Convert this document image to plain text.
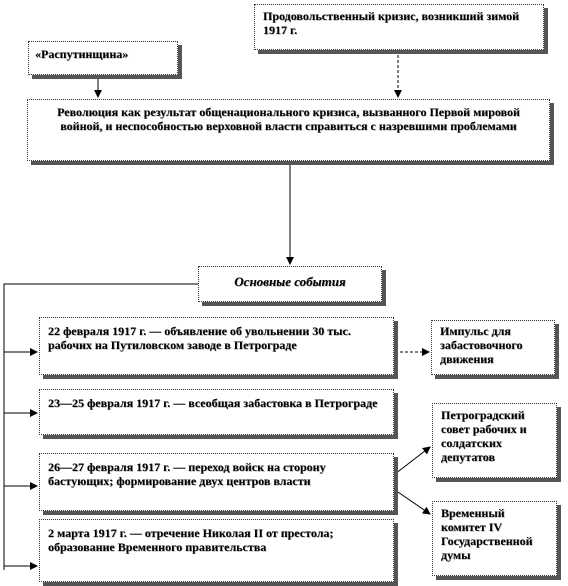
Продовольственный кризис, возникший зимой 1917 г.
«Распутинщина»
Революция как результат общенационального кризиса, вызванного Первой мировой войной, и неспособностью верховной власти справиться с назревшими проблемами
Основные события
22 февраля 1917 г. — объявление об увольнении 30 тыс. рабочих на Путиловском заводе в Петрограде
23—25 февраля 1917 г. — всеобщая забастовка в Петрограде
26—27 февраля 1917 г. — переход войск на сторону бастующих; формирование двух центров власти
2 марта 1917 г. — отречение Николая II от престола; образование Временного правительства
Импульс для забастовочного движения
Петроградский совет рабочих и солдатских депутатов
Временный комитет IV Государственной думы
